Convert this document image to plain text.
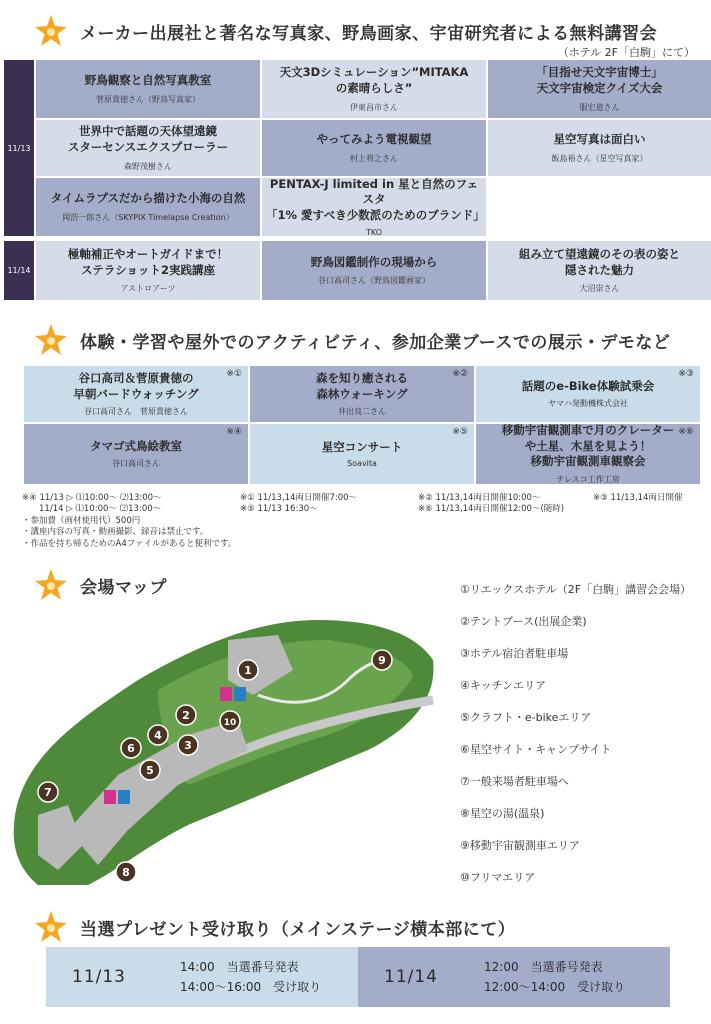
メーカー出展社と著名な写真家、野鳥画家、宇宙研究者による無料講習会
（ホテル 2F「白駒」にて）
11/13
11/14
野鳥観察と自然写真教室
菅原貴徳さん（野鳥写真家）
天文3Dシミュレーション”MITAKA
の素晴らしさ”
伊東昌市さん
「目指せ天文宇宙博士」
天文宇宙検定クイズ大会
服宏道さん
世界中で話題の天体望遠鏡
スターセンスエクスプローラー
森野茂樹さん
やってみよう電視観望
村上将之さん
星空写真は面白い
飯島裕さん（星空写真家）
タイムラプスだから描けた小海の自然
岡浩一郎さん（SKYPIX Timelapse Creation）
PENTAX-J limited in 星と自然のフェスタ
「1% 愛すべき少数派のためのブランド」
TKO
極軸補正やオートガイドまで！
ステラショット2実践講座
アストロアーツ
野鳥図鑑制作の現場から
谷口高司さん（野鳥図鑑画家）
組み立て望遠鏡のその表の姿と
隠された魅力
大沼崇さん
体験・学習や屋外でのアクティビティ、参加企業ブースでの展示・デモなど
※①
谷口高司＆菅原貴徳の
早朝バードウォッチング
谷口高司さん　菅原貴徳さん
※②
森を知り癒される
森林ウォーキング
井出良二さん
※③
話題のe-Bike体験試乗会
ヤマハ発動機株式会社
※④
タマゴ式鳥絵教室
谷口高司さん
※⑤
星空コンサート
Soavita
※⑥
移動宇宙観測車で月のクレーター
や土星、木星を見よう！
移動宇宙観測車観察会
テレスコ工作工房
※④ 11/13 ▷ ⑴10:00〜 ⑵13:00〜
　　11/14 ▷ ⑴10:00〜 ⑵13:00〜
・参加費（画材使用代）500円
・講座内容の写真・動画撮影、録音は禁止です。
・作品を持ち帰るためのA4ファイルがあると便利です。
※① 11/13,14両日開催7:00〜
※⑤ 11/13 16:30〜
※② 11/13,14両日開催10:00〜
※⑥ 11/13,14両日開催12:00〜(随時)
※③ 11/13,14両日開催
会場マップ
1
2
3
4
5
6
7
8
9
10
①リエックスホテル（2F「白駒」講習会会場）
②テントブース(出展企業)
③ホテル宿泊者駐車場
④キッチンエリア
⑤クラフト・e-bikeエリア
⑥星空サイト・キャンプサイト
⑦一般来場者駐車場へ
⑧星空の湯(温泉)
⑨移動宇宙観測車エリア
⑩フリマエリア
当選プレゼント受け取り（メインステージ横本部にて）
11/13
14:00　当選番号発表
14:00〜16:00　受け取り	11/14
12:00　当選番号発表
12:00〜14:00　受け取り
